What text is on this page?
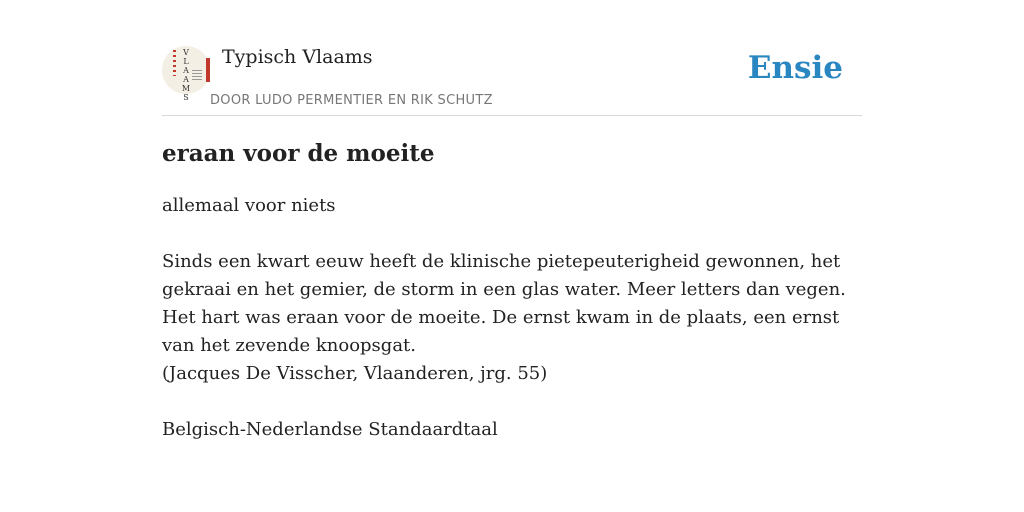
VLAAMS
Typisch Vlaams
DOOR LUDO PERMENTIER EN RIK SCHUTZ
Ensie
eraan voor de moeite

allemaal voor niets

Sinds een kwart eeuw heeft de klinische pietepeuterigheid gewonnen, het gekraai en het gemier, de storm in een glas water. Meer letters dan vegen. Het hart was eraan voor de moeite. De ernst kwam in de plaats, een ernst van het zevende knoopsgat.

(Jacques De Visscher, Vlaanderen, jrg. 55)

Belgisch-Nederlandse Standaardtaal
